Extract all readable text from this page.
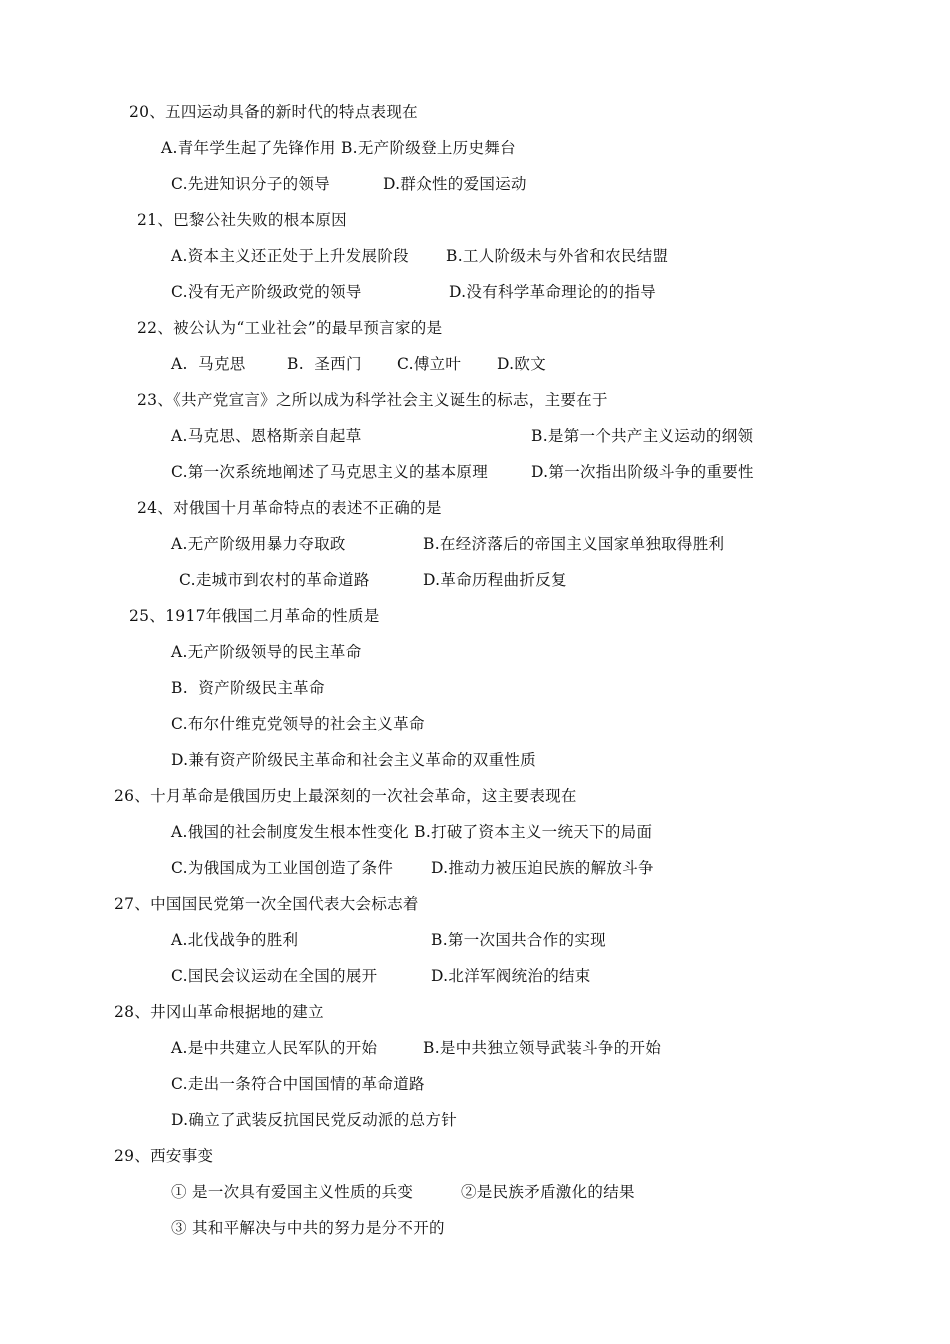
20、五四运动具备的新时代的特点表现在
A.青年学生起了先锋作用 B.无产阶级登上历史舞台
C.先进知识分子的领导	D.群众性的爱国运动
21、巴黎公社失败的根本原因
A.资本主义还正处于上升发展阶段 B.工人阶级未与外省和农民结盟
C.没有无产阶级政党的领导	D.没有科学革命理论的的指导
22、被公认为“工业社会”的最早预言家的是
A.  马克思	B.  圣西门 C.傅立叶 D.欧文
23、《共产党宣言》之所以成为科学社会主义诞生的标志，主要在于
A.马克思、恩格斯亲自起草	B.是第一个共产主义运动的纲领
C.第一次系统地阐述了马克思主义的基本原理	D.第一次指出阶级斗争的重要性
24、对俄国十月革命特点的表述不正确的是
A.无产阶级用暴力夺取政	B.在经济落后的帝国主义国家单独取得胜利
C.走城市到农村的革命道路	D.革命历程曲折反复
25、1917年俄国二月革命的性质是
A.无产阶级领导的民主革命
B.  资产阶级民主革命
C.布尔什维克党领导的社会主义革命
D.兼有资产阶级民主革命和社会主义革命的双重性质
26、十月革命是俄国历史上最深刻的一次社会革命，这主要表现在
A.俄国的社会制度发生根本性变化 B.打破了资本主义一统天下的局面
C.为俄国成为工业国创造了条件 D.推动力被压迫民族的解放斗争
27、中国国民党第一次全国代表大会标志着
A.北伐战争的胜利	B.第一次国共合作的实现
C.国民会议运动在全国的展开	D.北洋军阀统治的结束
28、井冈山革命根据地的建立
A.是中共建立人民军队的开始	B.是中共独立领导武装斗争的开始
C.走出一条符合中国国情的革命道路
D.确立了武装反抗国民党反动派的总方针
29、西安事变
① 是一次具有爱国主义性质的兵变	②是民族矛盾激化的结果
③ 其和平解决与中共的努力是分不开的
